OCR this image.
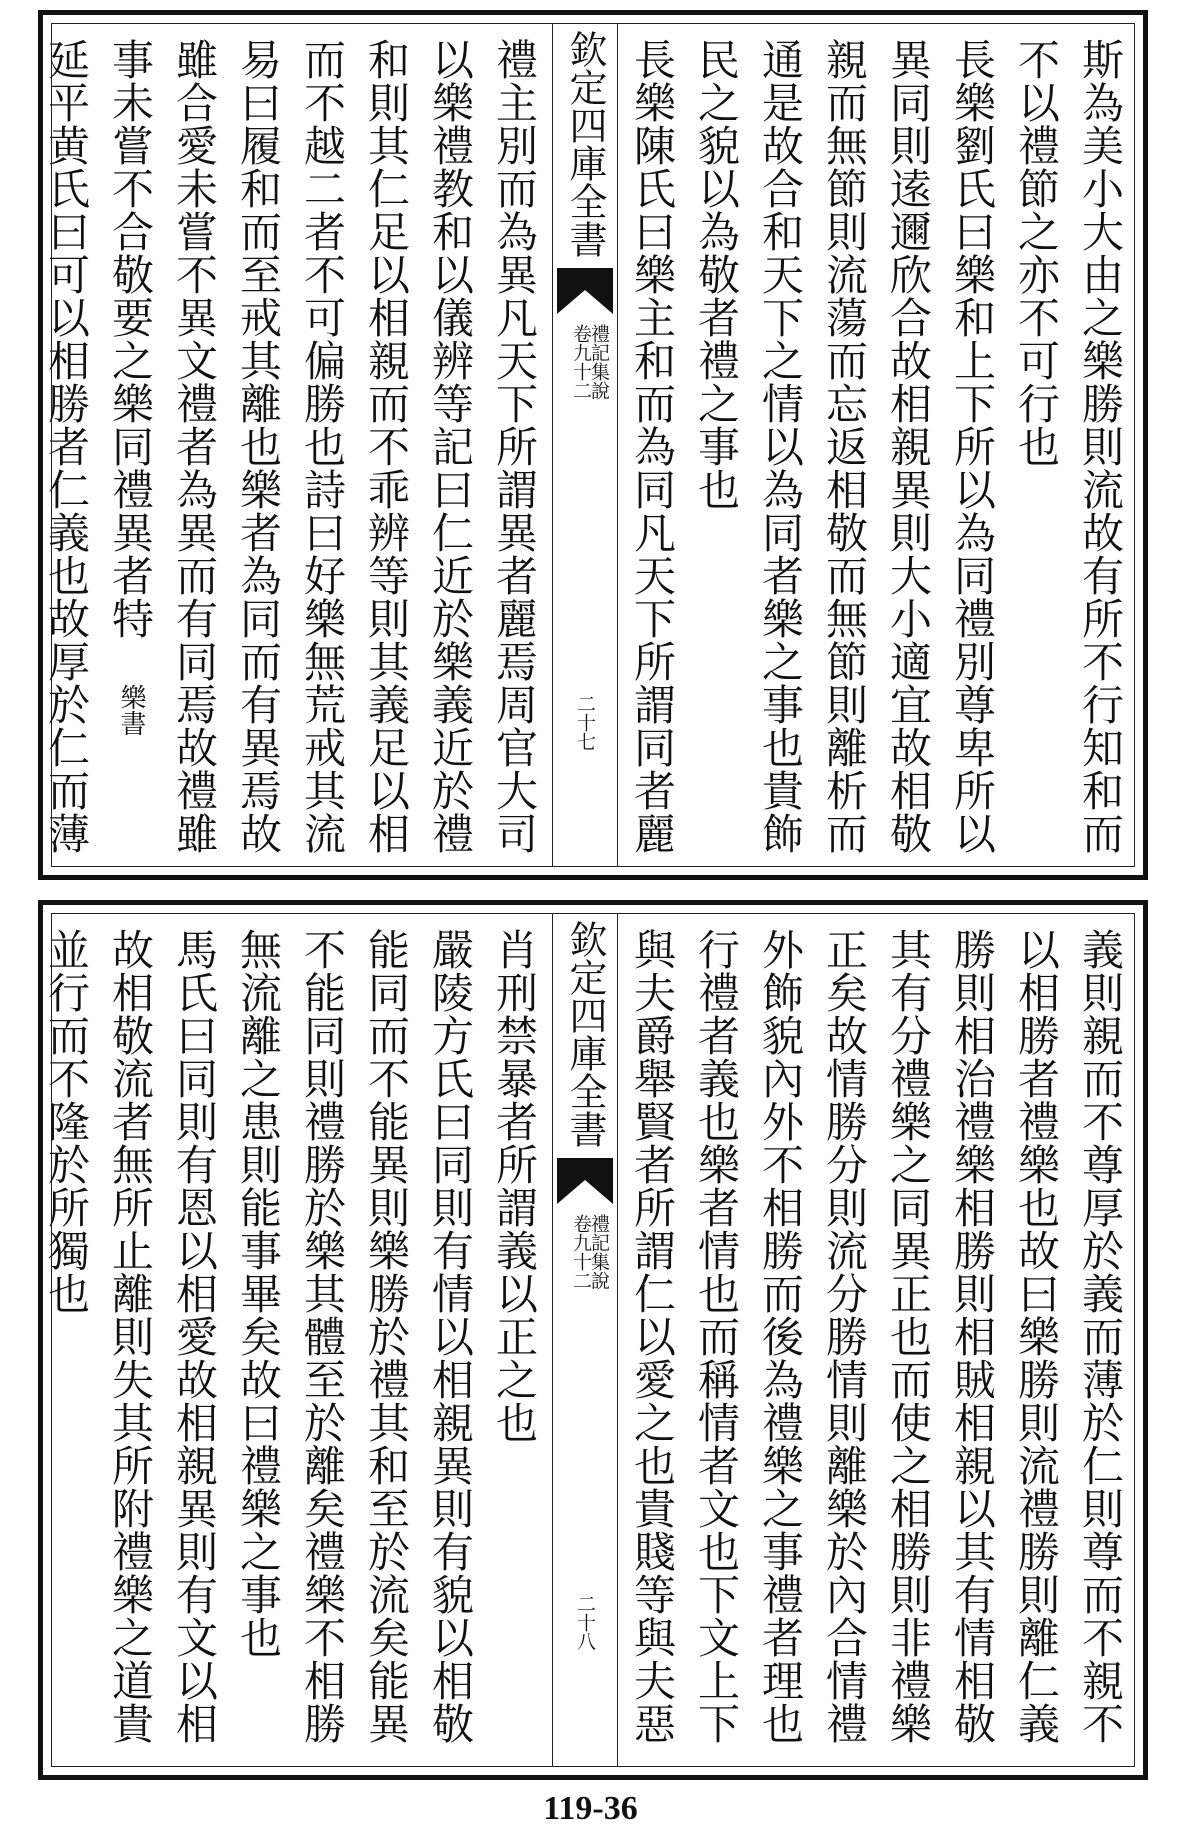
斯為美小大由之樂勝則流故有所不行知和而
不以禮節之亦不可行也
長樂劉氏曰樂和上下所以為同禮別尊卑所以
異同則逺邇欣合故相親異則大小適宜故相敬
親而無節則流蕩而忘返相敬而無節則離析而
通是故合和天下之情以為同者樂之事也貴飾
民之貌以為敬者禮之事也
長樂陳氏曰樂主和而為同凡天下所謂同者麗
欽定四庫全書
禮記集說
卷九十二
二十七
禮主別而為異凡天下所謂異者麗焉周官大司
以樂禮教和以儀辨等記曰仁近於樂義近於禮
和則其仁足以相親而不乖辨等則其義足以相
而不越二者不可偏勝也詩曰好樂無荒戒其流
易曰履和而至戒其離也樂者為同而有異焉故
雖合愛未嘗不異文禮者為異而有同焉故禮雖
事未嘗不合敬要之樂同禮異者特
樂書
延平黄氏曰可以相勝者仁義也故厚於仁而薄
義則親而不尊厚於義而薄於仁則尊而不親不
以相勝者禮樂也故曰樂勝則流禮勝則離仁義
勝則相治禮樂相勝則相賊相親以其有情相敬
其有分禮樂之同異正也而使之相勝則非禮樂
正矣故情勝分則流分勝情則離樂於內合情禮
外飾貌內外不相勝而後為禮樂之事禮者理也
行禮者義也樂者情也而稱情者文也下文上下
與夫爵舉賢者所謂仁以愛之也貴賤等與夫惡
欽定四庫全書
禮記集說
卷九十二
二十八
肖刑禁暴者所謂義以正之也
嚴陵方氏曰同則有情以相親異則有貌以相敬
能同而不能異則樂勝於禮其和至於流矣能異
不能同則禮勝於樂其體至於離矣禮樂不相勝
無流離之患則能事畢矣故曰禮樂之事也
馬氏曰同則有恩以相愛故相親異則有文以相
故相敬流者無所止離則失其所附禮樂之道貴
並行而不隆於所獨也
119-36
